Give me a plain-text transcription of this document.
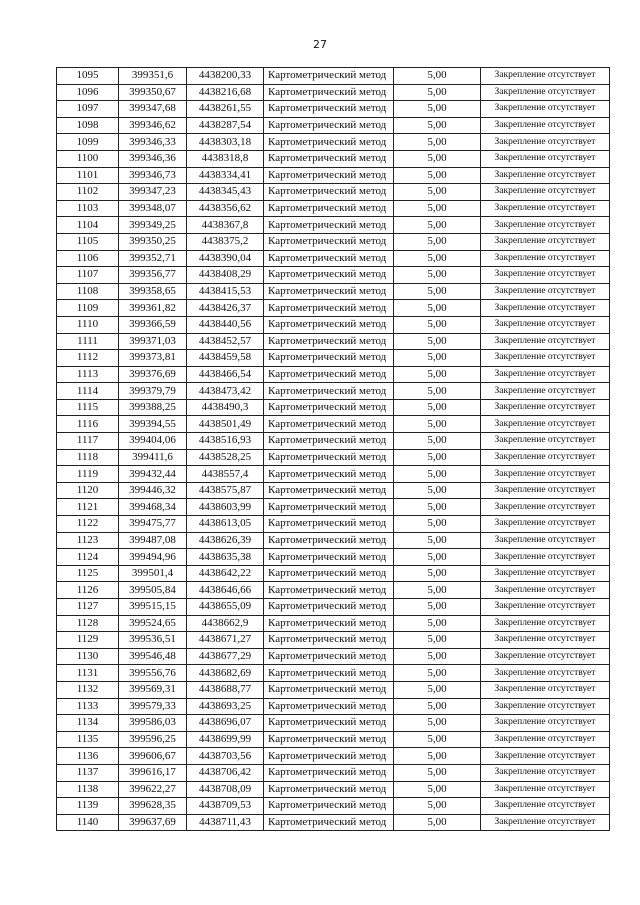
27
1095	399351,6	4438200,33	Картометрический метод	5,00	Закрепление отсутствует
1096	399350,67	4438216,68	Картометрический метод	5,00	Закрепление отсутствует
1097	399347,68	4438261,55	Картометрический метод	5,00	Закрепление отсутствует
1098	399346,62	4438287,54	Картометрический метод	5,00	Закрепление отсутствует
1099	399346,33	4438303,18	Картометрический метод	5,00	Закрепление отсутствует
1100	399346,36	4438318,8	Картометрический метод	5,00	Закрепление отсутствует
1101	399346,73	4438334,41	Картометрический метод	5,00	Закрепление отсутствует
1102	399347,23	4438345,43	Картометрический метод	5,00	Закрепление отсутствует
1103	399348,07	4438356,62	Картометрический метод	5,00	Закрепление отсутствует
1104	399349,25	4438367,8	Картометрический метод	5,00	Закрепление отсутствует
1105	399350,25	4438375,2	Картометрический метод	5,00	Закрепление отсутствует
1106	399352,71	4438390,04	Картометрический метод	5,00	Закрепление отсутствует
1107	399356,77	4438408,29	Картометрический метод	5,00	Закрепление отсутствует
1108	399358,65	4438415,53	Картометрический метод	5,00	Закрепление отсутствует
1109	399361,82	4438426,37	Картометрический метод	5,00	Закрепление отсутствует
1110	399366,59	4438440,56	Картометрический метод	5,00	Закрепление отсутствует
1111	399371,03	4438452,57	Картометрический метод	5,00	Закрепление отсутствует
1112	399373,81	4438459,58	Картометрический метод	5,00	Закрепление отсутствует
1113	399376,69	4438466,54	Картометрический метод	5,00	Закрепление отсутствует
1114	399379,79	4438473,42	Картометрический метод	5,00	Закрепление отсутствует
1115	399388,25	4438490,3	Картометрический метод	5,00	Закрепление отсутствует
1116	399394,55	4438501,49	Картометрический метод	5,00	Закрепление отсутствует
1117	399404,06	4438516,93	Картометрический метод	5,00	Закрепление отсутствует
1118	399411,6	4438528,25	Картометрический метод	5,00	Закрепление отсутствует
1119	399432,44	4438557,4	Картометрический метод	5,00	Закрепление отсутствует
1120	399446,32	4438575,87	Картометрический метод	5,00	Закрепление отсутствует
1121	399468,34	4438603,99	Картометрический метод	5,00	Закрепление отсутствует
1122	399475,77	4438613,05	Картометрический метод	5,00	Закрепление отсутствует
1123	399487,08	4438626,39	Картометрический метод	5,00	Закрепление отсутствует
1124	399494,96	4438635,38	Картометрический метод	5,00	Закрепление отсутствует
1125	399501,4	4438642,22	Картометрический метод	5,00	Закрепление отсутствует
1126	399505,84	4438646,66	Картометрический метод	5,00	Закрепление отсутствует
1127	399515,15	4438655,09	Картометрический метод	5,00	Закрепление отсутствует
1128	399524,65	4438662,9	Картометрический метод	5,00	Закрепление отсутствует
1129	399536,51	4438671,27	Картометрический метод	5,00	Закрепление отсутствует
1130	399546,48	4438677,29	Картометрический метод	5,00	Закрепление отсутствует
1131	399556,76	4438682,69	Картометрический метод	5,00	Закрепление отсутствует
1132	399569,31	4438688,77	Картометрический метод	5,00	Закрепление отсутствует
1133	399579,33	4438693,25	Картометрический метод	5,00	Закрепление отсутствует
1134	399586,03	4438696,07	Картометрический метод	5,00	Закрепление отсутствует
1135	399596,25	4438699,99	Картометрический метод	5,00	Закрепление отсутствует
1136	399606,67	4438703,56	Картометрический метод	5,00	Закрепление отсутствует
1137	399616,17	4438706,42	Картометрический метод	5,00	Закрепление отсутствует
1138	399622,27	4438708,09	Картометрический метод	5,00	Закрепление отсутствует
1139	399628,35	4438709,53	Картометрический метод	5,00	Закрепление отсутствует
1140	399637,69	4438711,43	Картометрический метод	5,00	Закрепление отсутствует
